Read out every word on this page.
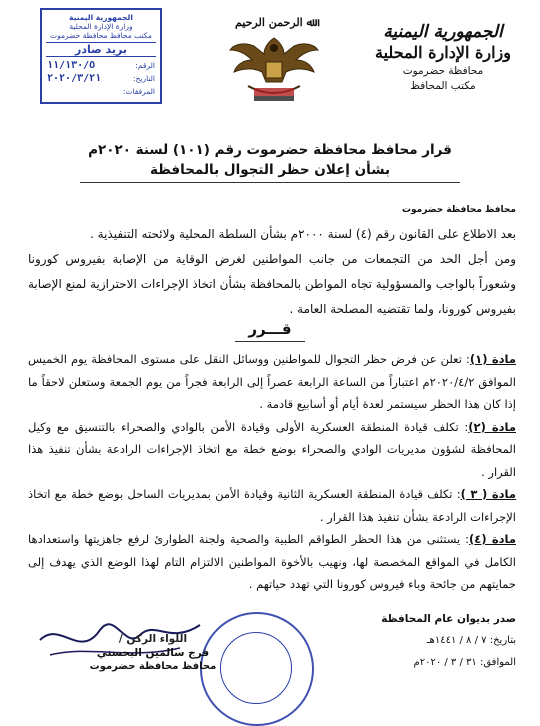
الجمهورية اليمنية
وزارة الإدارة المحلية
محافظة حضرموت
مكتب المحافظ
ﷲ الرحمن الرحيم
الجمهورية اليمنية
وزارة الإدارة المحلية
مكتب محافظ محافظة حضرموت
بريد صادر
الرقم:
١١/١٣٠/٥
التاريخ:
٢٠٢٠/٣/٢١
المرفقات:
قرار محافظ محافظة حضرموت رقم (١٠١) لسنة ٢٠٢٠م
بشأن إعلان حظر التجوال بالمحافظة
محافظ محافظة حضرموت

بعد الاطلاع على القانون رقم (٤) لسنة ٢٠٠٠م بشأن السلطة المحلية ولائحته التنفيذية .

ومن أجل الحد من التجمعات من جانب المواطنين لغرض الوقاية من الإصابة بفيروس كورونا وشعوراً بالواجب والمسؤولية تجاه المواطن بالمحافظة بشأن اتخاذ الإجراءات الاحترازية لمنع الإصابة بفيروس كورونا، ولما تقتضيه المصلحة العامة .

قـــرر

مادة (١): تعلن عن فرض حظر التجوال للمواطنين ووسائل النقل على مستوى المحافظة يوم الخميس الموافق ٢٠٢٠/٤/٢م اعتباراً من الساعة الرابعة عصراً إلى الرابعة فجراً من يوم الجمعة وستعلن لاحقاً ما إذا كان هذا الحظر سيستمر لعدة أيام أو أسابيع قادمة .

مادة (٢): تكلف قيادة المنطقة العسكرية الأولى وقيادة الأمن بالوادي والصحراء بالتنسيق مع وكيل المحافظة لشؤون مديريات الوادي والصحراء بوضع خطة مع اتخاذ الإجراءات الرادعة بشأن تنفيذ هذا القرار .

مادة ( ٣ ): تكلف قيادة المنطقة العسكرية الثانية وقيادة الأمن بمديريات الساحل بوضع خطة مع اتخاذ الإجراءات الرادعة بشأن تنفيذ هذا القرار .

مادة (٤): يستثنى من هذا الحظر الطواقم الطبية والصحية ولجنة الطوارئ لرفع جاهزيتها واستعدادها الكامل في المواقع المخصصة لها، ونهيب بالأخوة المواطنين الالتزام التام لهذا الوضع الذي يهدف إلى حمايتهم من جائحة وباء فيروس كورونا التي تهدد حياتهم .

صدر بديوان عام المحافظة
بتاريخ: ٧ / ٨ / ١٤٤١هـ
الموافق: ٣١ / ٣ / ٢٠٢٠م
اللواء الركن /
فرج سالمين البحسني
محافظ محافظة حضرموت
